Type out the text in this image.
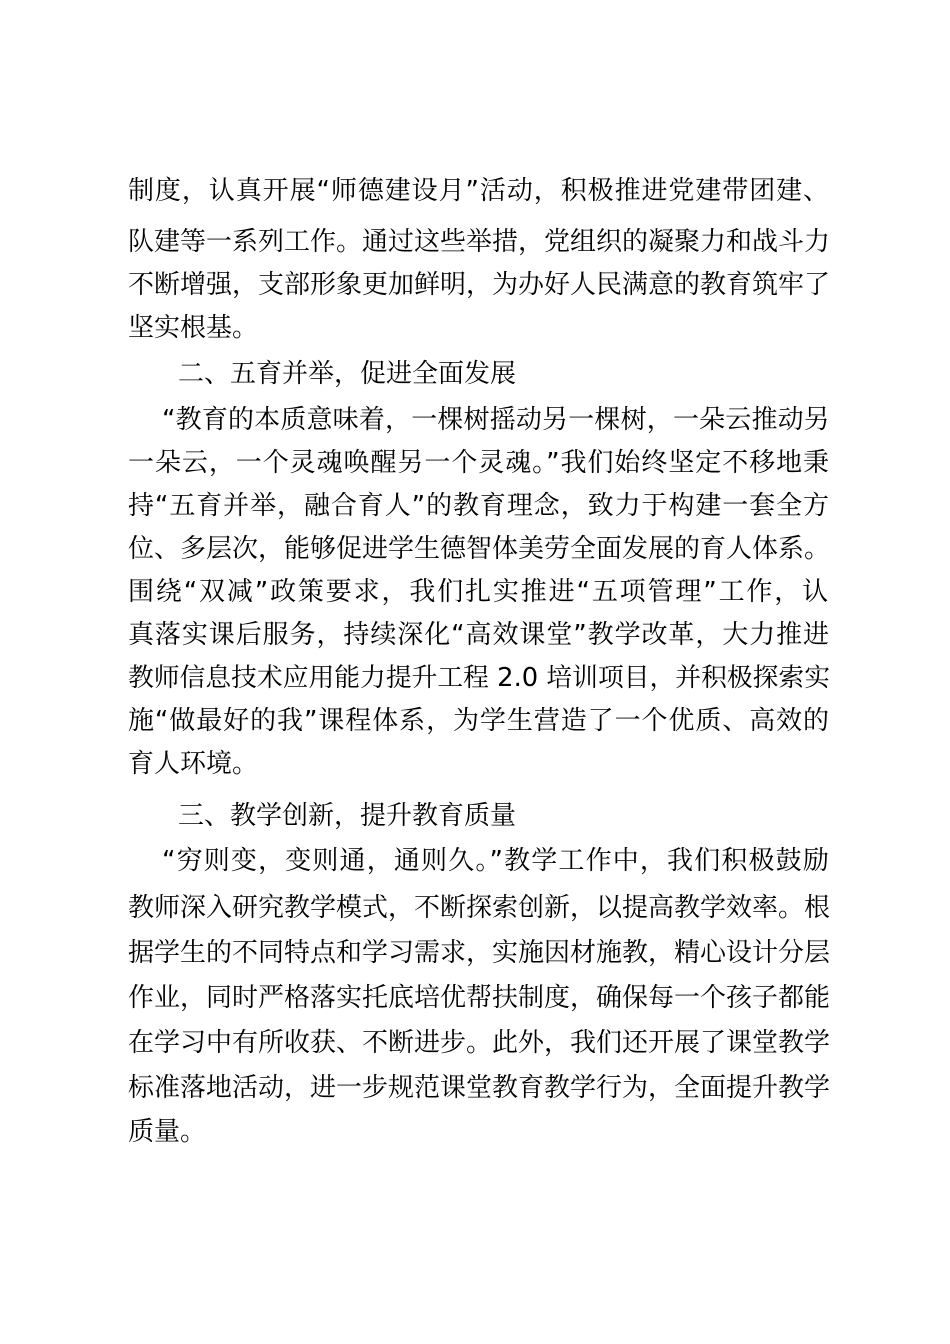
制度，认真开展“师德建设月”活动，积极推进党建带团建、

队建等一系列工作。通过这些举措，党组织的凝聚力和战斗力

不断增强，支部形象更加鲜明，为办好人民满意的教育筑牢了

坚实根基。

二、五育并举，促进全面发展

“教育的本质意味着，一棵树摇动另一棵树，一朵云推动另

一朵云，一个灵魂唤醒另一个灵魂。”我们始终坚定不移地秉

持“五育并举，融合育人”的教育理念，致力于构建一套全方

位、多层次，能够促进学生德智体美劳全面发展的育人体系。

围绕“双减”政策要求，我们扎实推进“五项管理”工作，认

真落实课后服务，持续深化“高效课堂”教学改革，大力推进

教师信息技术应用能力提升工程 2.0 培训项目，并积极探索实

施“做最好的我”课程体系，为学生营造了一个优质、高效的

育人环境。

三、教学创新，提升教育质量

“穷则变，变则通，通则久。”教学工作中，我们积极鼓励

教师深入研究教学模式，不断探索创新，以提高教学效率。根

据学生的不同特点和学习需求，实施因材施教，精心设计分层

作业，同时严格落实托底培优帮扶制度，确保每一个孩子都能

在学习中有所收获、不断进步。此外，我们还开展了课堂教学

标准落地活动，进一步规范课堂教育教学行为，全面提升教学

质量。
